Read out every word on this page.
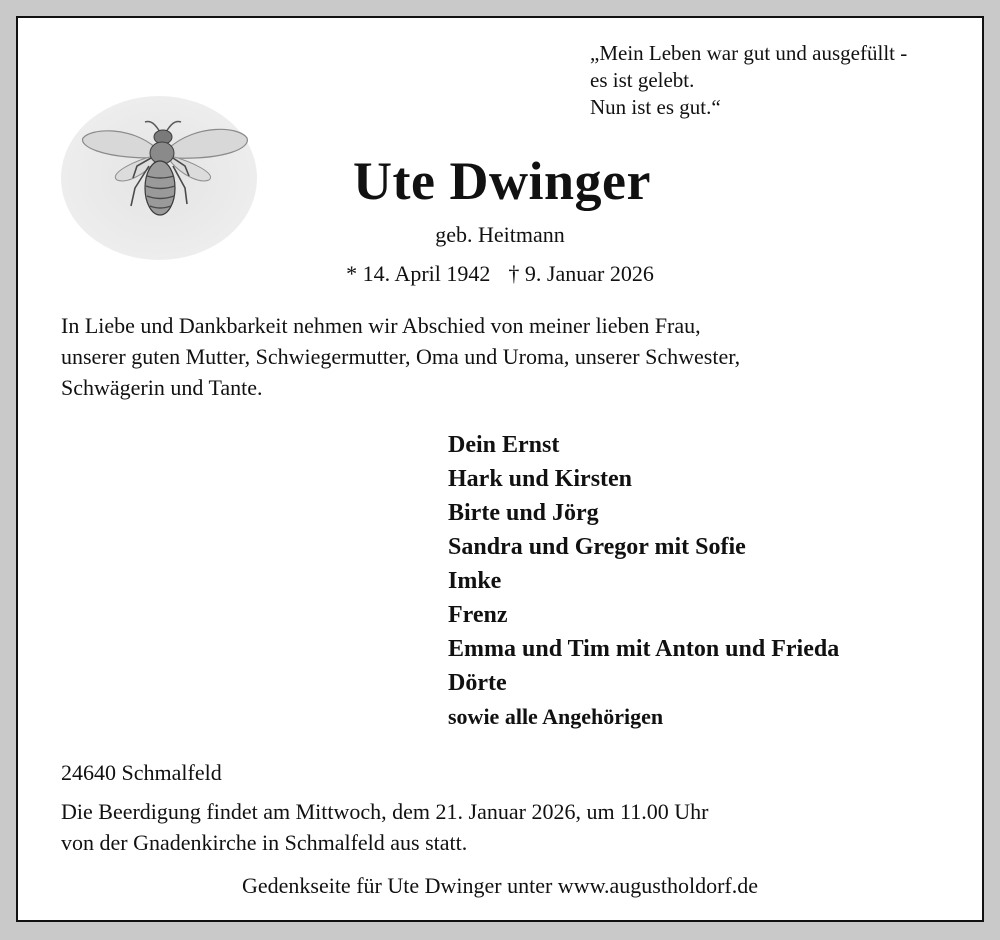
„Mein Leben war gut und ausgefüllt -
es ist gelebt.
Nun ist es gut.“
Ute Dwinger
geb. Heitmann
* 14. April 1942 † 9. Januar 2026
In Liebe und Dankbarkeit nehmen wir Abschied von meiner lieben Frau,
unserer guten Mutter, Schwiegermutter, Oma und Uroma, unserer Schwester,
Schwägerin und Tante.
Dein Ernst
Hark und Kirsten
Birte und Jörg
Sandra und Gregor mit Sofie
Imke
Frenz
Emma und Tim mit Anton und Frieda
Dörte
sowie alle Angehörigen
24640 Schmalfeld
Die Beerdigung findet am Mittwoch, dem 21. Januar 2026, um 11.00 Uhr
von der Gnadenkirche in Schmalfeld aus statt.
Gedenkseite für Ute Dwinger unter www.augustholdorf.de
